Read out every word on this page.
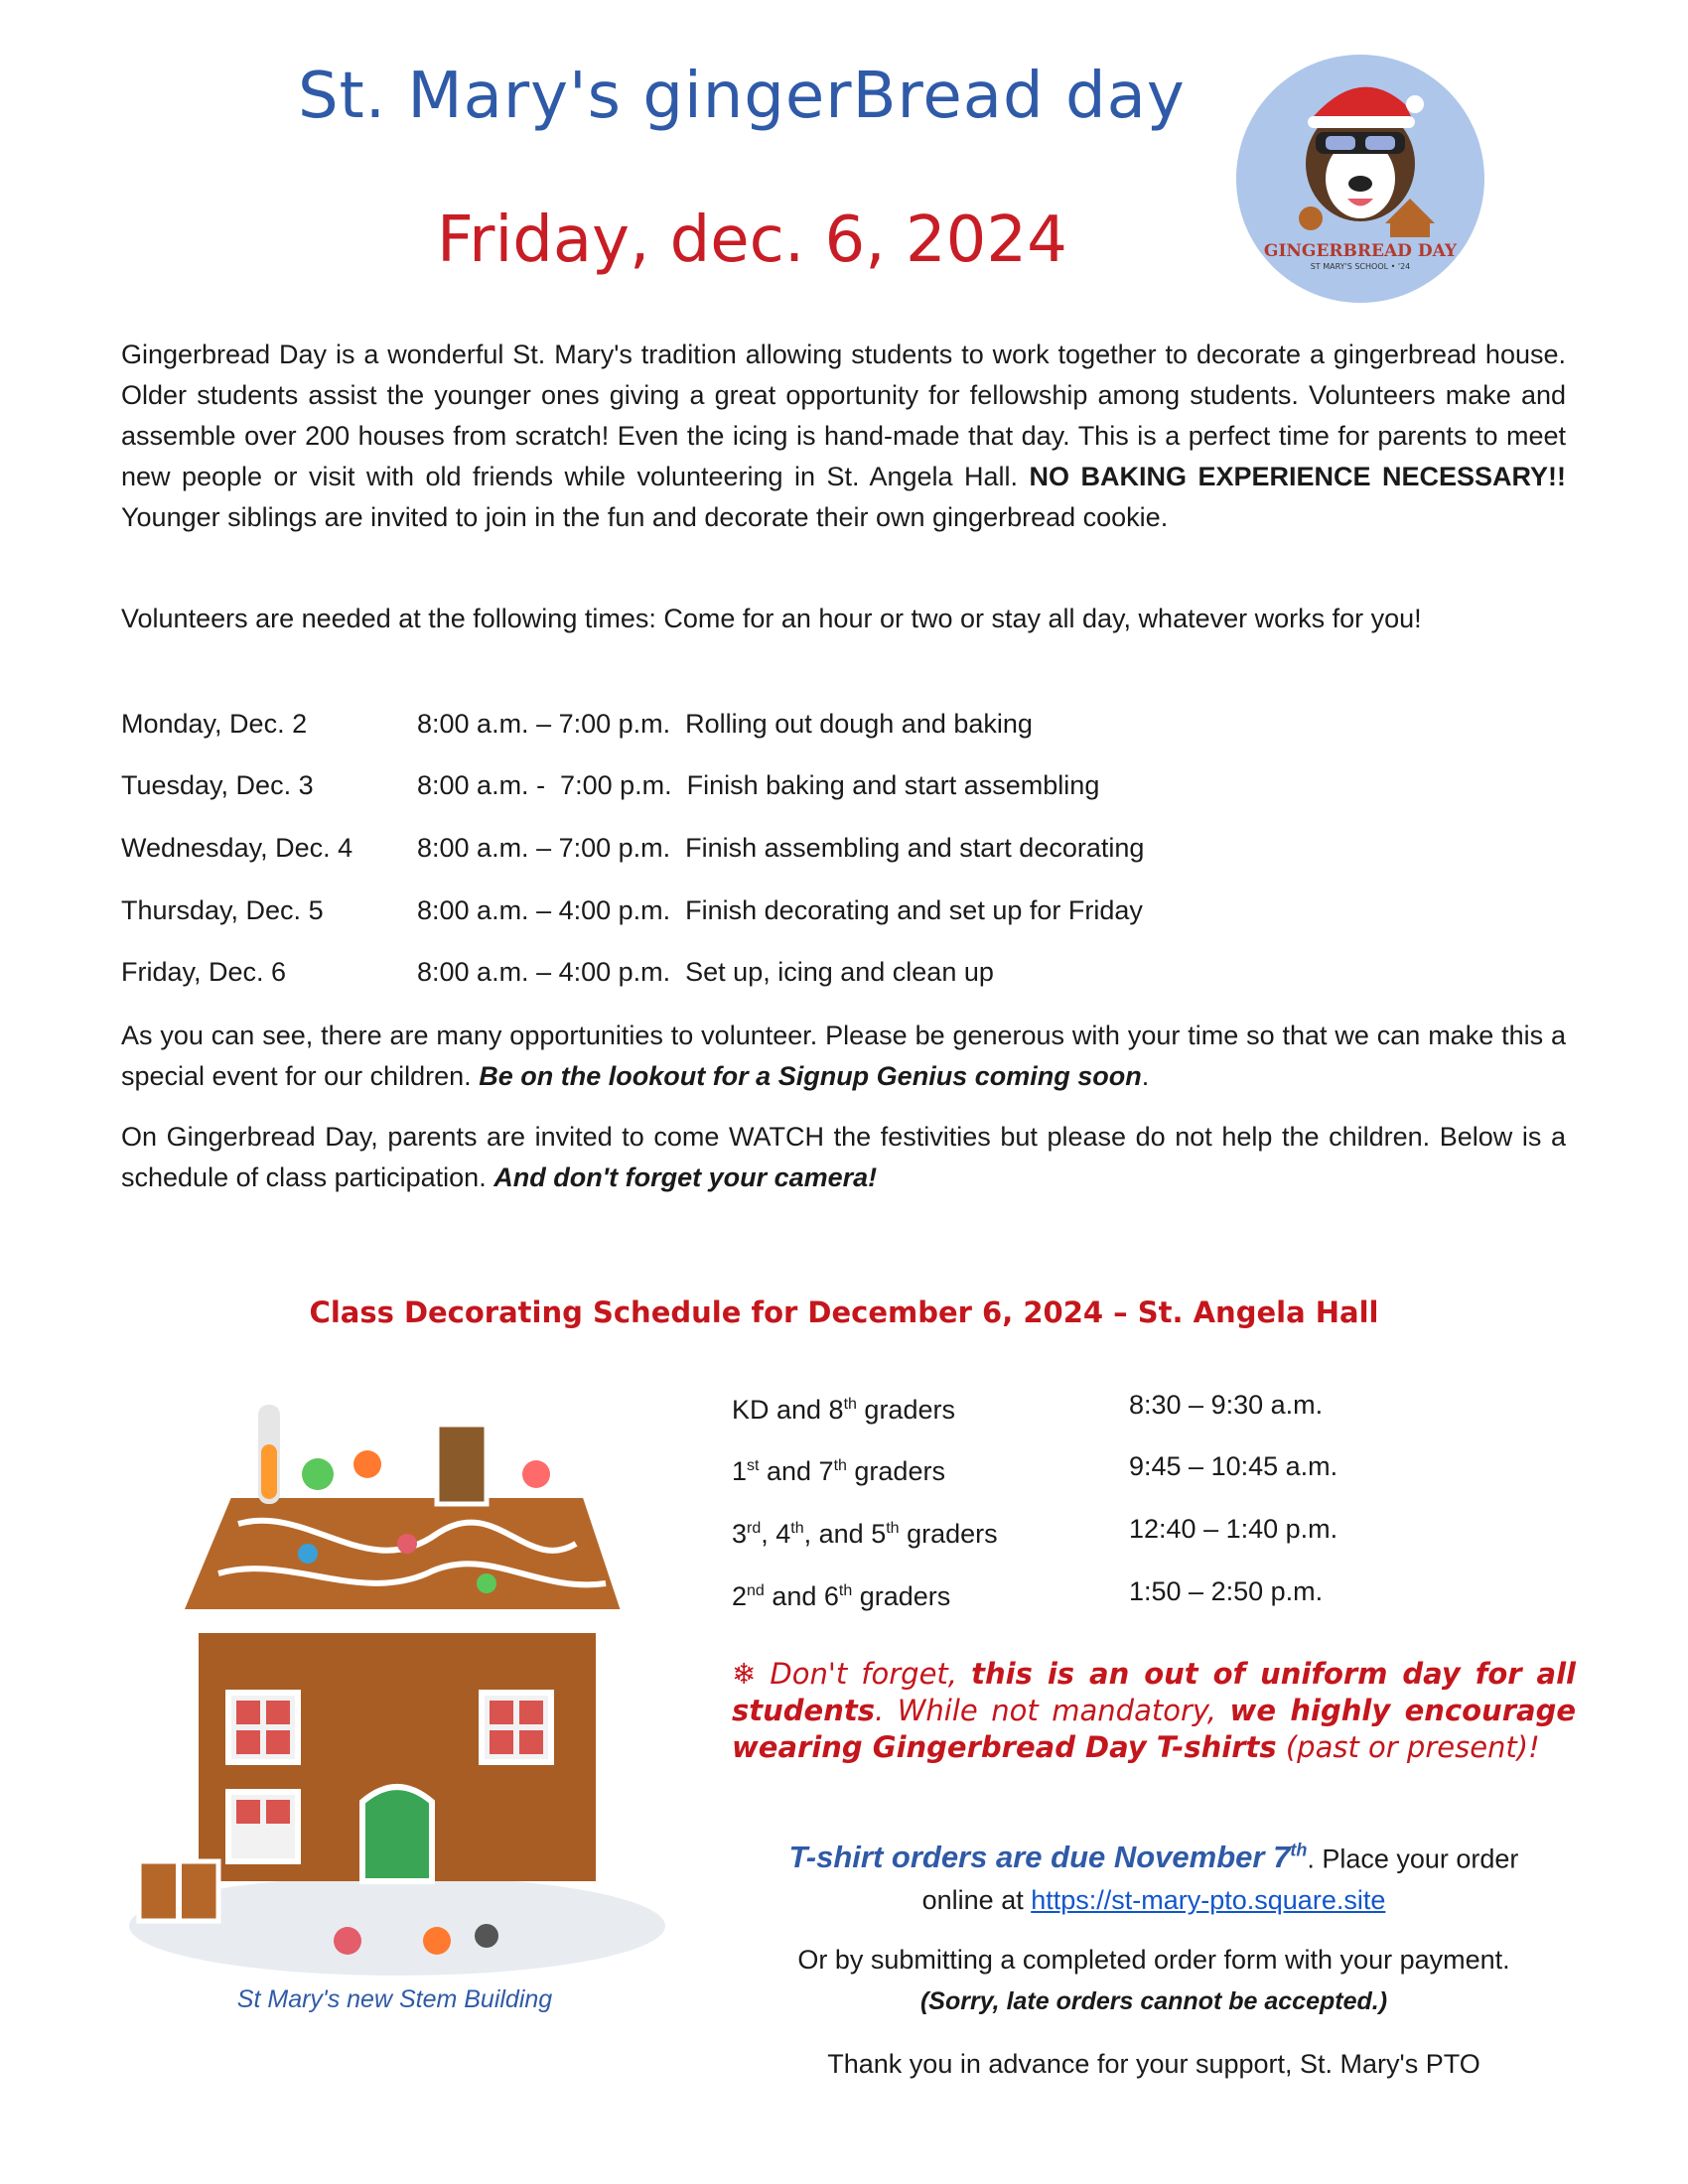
St. Mary's gingerBread day
Friday, dec. 6, 2024	GINGERBREAD DAY
ST MARY'S SCHOOL • '24
Gingerbread Day is a wonderful St. Mary's tradition allowing students to work together to decorate a gingerbread house. Older students assist the younger ones giving a great opportunity for fellowship among students. Volunteers make and assemble over 200 houses from scratch! Even the icing is hand-made that day. This is a perfect time for parents to meet new people or visit with old friends while volunteering in St. Angela Hall. NO BAKING EXPERIENCE NECESSARY!! Younger siblings are invited to join in the fun and decorate their own gingerbread cookie.
Volunteers are needed at the following times: Come for an hour or two or stay all day, whatever works for you!
Monday, Dec. 2	8:00 a.m. – 7:00 p.m.  Rolling out dough and baking
Tuesday, Dec. 3	8:00 a.m. -  7:00 p.m.  Finish baking and start assembling
Wednesday, Dec. 4 8:00 a.m. – 7:00 p.m.  Finish assembling and start decorating
Thursday, Dec. 5	8:00 a.m. – 4:00 p.m.  Finish decorating and set up for Friday
Friday, Dec. 6	8:00 a.m. – 4:00 p.m.  Set up, icing and clean up
As you can see, there are many opportunities to volunteer. Please be generous with your time so that we can make this a special event for our children. Be on the lookout for a Signup Genius coming soon.
On Gingerbread Day, parents are invited to come WATCH the festivities but please do not help the children. Below is a schedule of class participation. And don't forget your camera!
Class Decorating Schedule for December 6, 2024 – St. Angela Hall
KD and 8th graders	8:30 – 9:30 a.m.
1st and 7th graders	9:45 – 10:45 a.m.
3rd, 4th, and 5th graders	12:40 – 1:40 p.m.
2nd and 6th graders	1:50 – 2:50 p.m.
❄ Don't forget, this is an out of uniform day for all students. While not mandatory, we highly encourage wearing Gingerbread Day T-shirts (past or present)!
T-shirt orders are due November 7th. Place your order
online at https://st-mary-pto.square.site
Or by submitting a completed order form with your payment.
(Sorry, late orders cannot be accepted.)
Thank you in advance for your support, St. Mary's PTO
St Mary's new Stem Building
